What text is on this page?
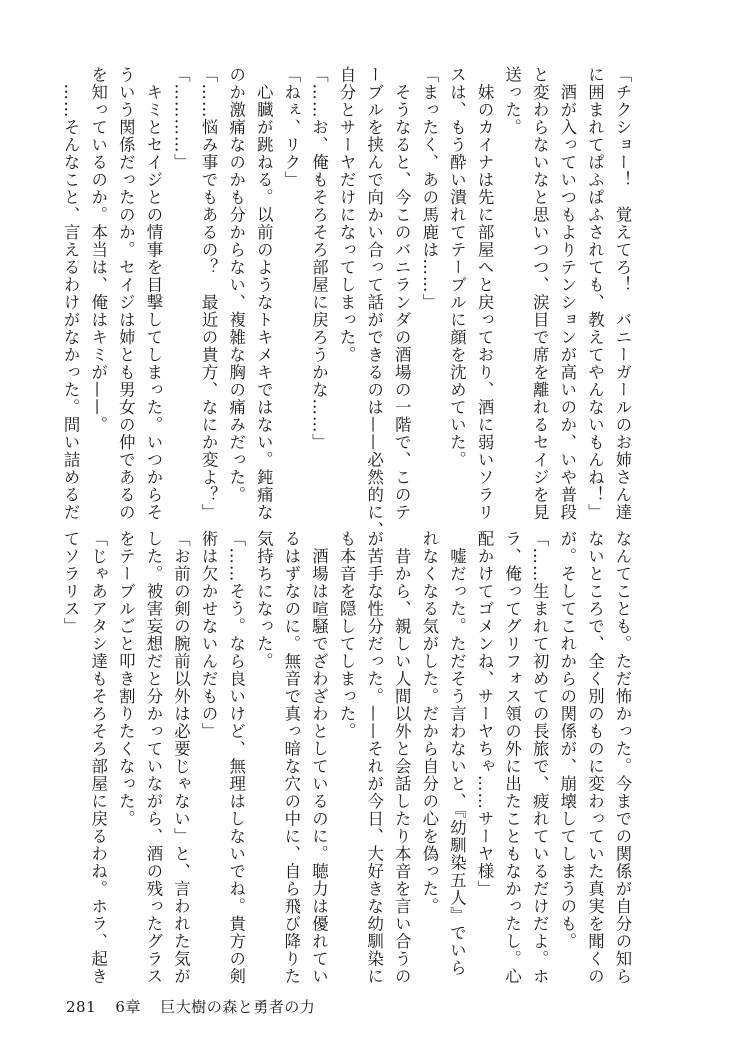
「チクショー！　覚えてろ！　バニーガールのお姉さん達
に囲まれてぱふぱふされても、教えてやんないもんね！」
　酒が入っていつもよりテンションが高いのか、いや普段
と変わらないなと思いつつ、涙目で席を離れるセイジを見
送った。
　妹のカイナは先に部屋へと戻っており、酒に弱いソラリ
スは、もう酔い潰れてテーブルに顔を沈めていた。
「まったく、あの馬鹿は……」
　そうなると、今このバニランダの酒場の一階で、このテ
ーブルを挟んで向かい合って話ができるのは——必然的に、
自分とサーヤだけになってしまった。
「……お、俺もそろそろ部屋に戻ろうかな……」
「ねぇ、リク」
　心臓が跳ねる。以前のようなトキメキではない。鈍痛な
のか激痛なのかも分からない、複雑な胸の痛みだった。
「……悩み事でもあるの？　最近の貴方、なにか変よ？」
「…………」
　キミとセイジとの情事を目撃してしまった。いつからそ
ういう関係だったのか。セイジは姉とも男女の仲であるの
を知っているのか。本当は、俺はキミが——。
　……そんなこと、言えるわけがなかった。問い詰めるだ
なんてことも。ただ怖かった。今までの関係が自分の知ら
ないところで、全く別のものに変わっていた真実を聞くの
が。そしてこれからの関係が、崩壊してしまうのも。
「……生まれて初めての長旅で、疲れているだけだよ。ホ
ラ、俺ってグリフォス領の外に出たこともなかったし。心
配かけてゴメンね、サーヤちゃ……サーヤ様」
　嘘だった。ただそう言わないと、『幼馴染五人』でいら
れなくなる気がした。だから自分の心を偽った。
　昔から、親しい人間以外と会話したり本音を言い合うの
が苦手な性分だった。——それが今日、大好きな幼馴染に
も本音を隠してしまった。
　酒場は喧騒でざわざわとしているのに。聴力は優れてい
るはずなのに。無音で真っ暗な穴の中に、自ら飛び降りた
気持ちになった。
「……そう。なら良いけど、無理はしないでね。貴方の剣
術は欠かせないんだもの」
「お前の剣の腕前以外は必要じゃない」と、言われた気が
した。被害妄想だと分かっていながら、酒の残ったグラス
をテーブルごと叩き割りたくなった。
「じゃあアタシ達もそろそろ部屋に戻るわね。ホラ、起き
てソラリス」
281 6章 巨大樹の森と勇者の力
